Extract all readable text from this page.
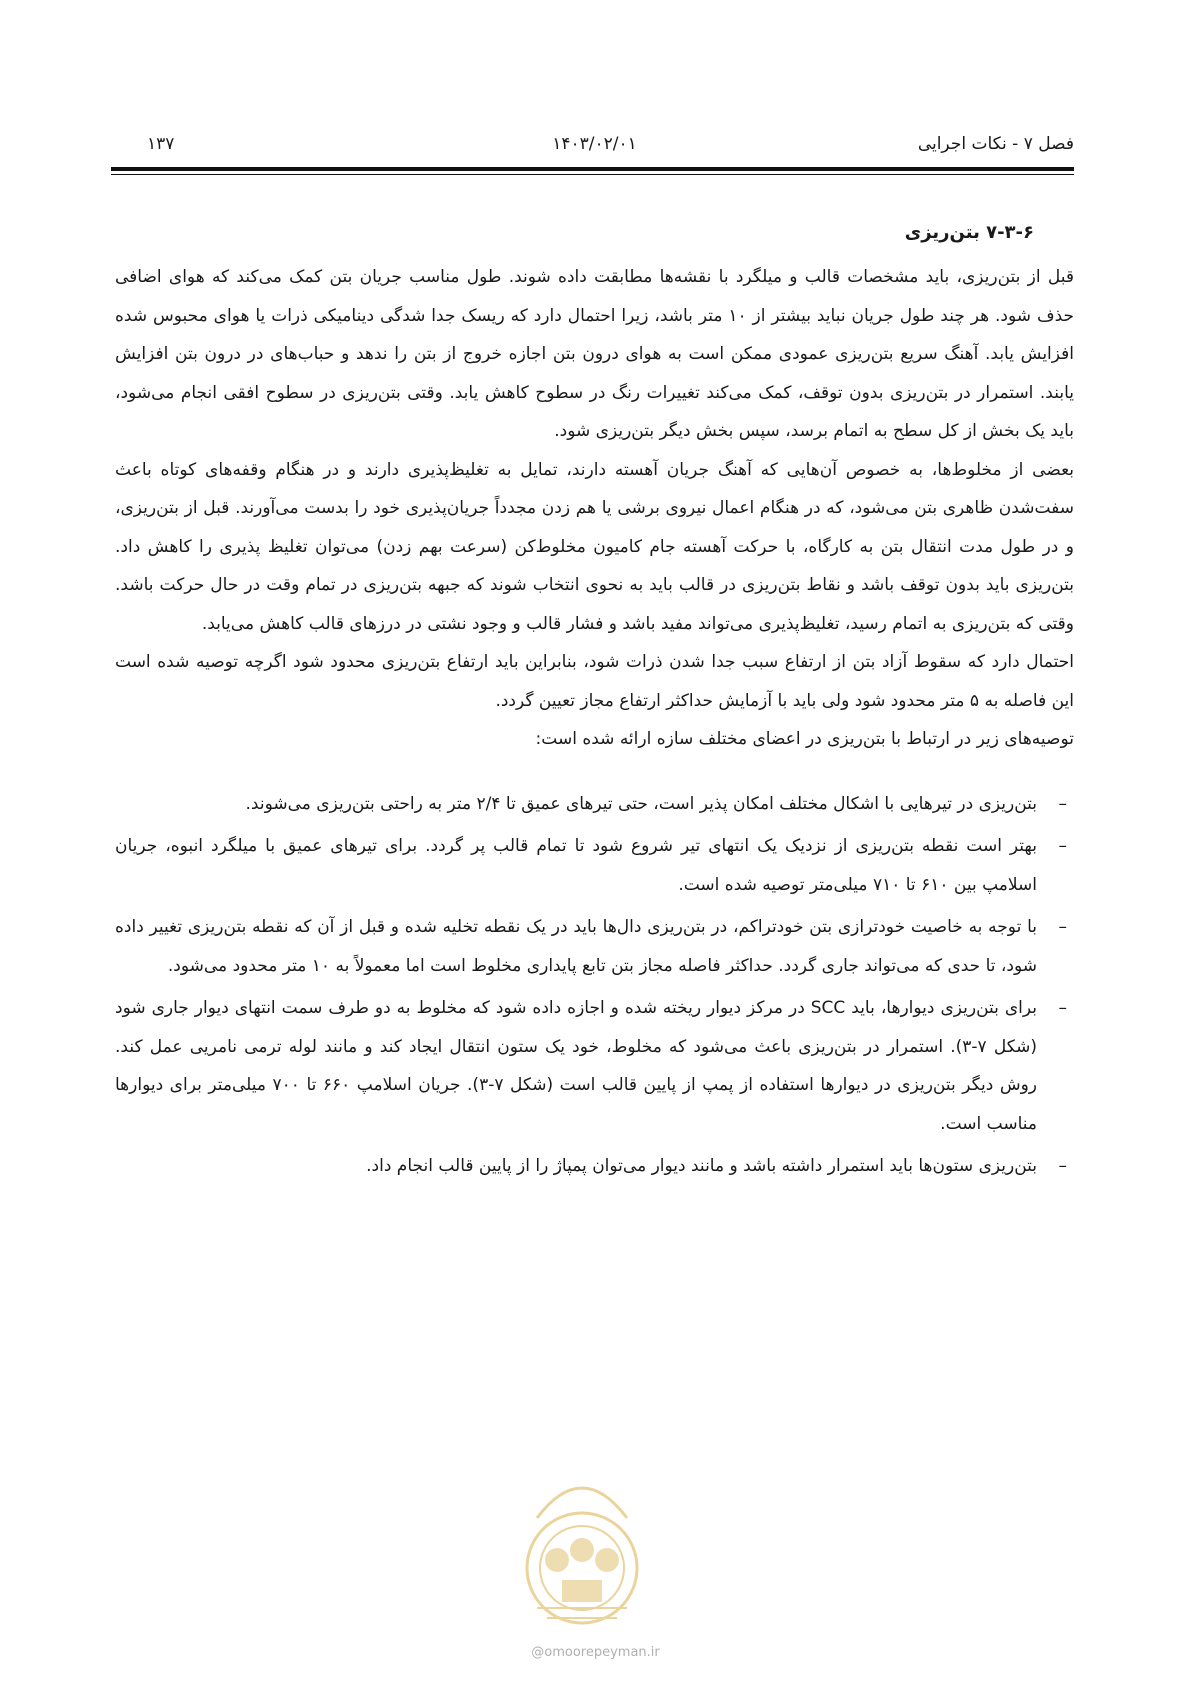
فصل ۷ - نکات اجرایی
۱۴۰۳/۰۲/۰۱
۱۳۷
۷-۳-۶ بتن‌ریزی

قبل از بتن‌ریزی، باید مشخصات قالب و میلگرد با نقشه‌ها مطابقت داده شوند. طول مناسب جریان بتن کمک می‌کند که هوای اضافی حذف شود. هر چند طول جریان نباید بیشتر از ۱۰ متر باشد، زیرا احتمال دارد که ریسک جدا شدگی دینامیکی ذرات یا هوای محبوس شده افزایش یابد. آهنگ سریع بتن‌ریزی عمودی ممکن است به هوای درون بتن اجازه خروج از بتن را ندهد و حباب‌های در درون بتن افزایش یابند. استمرار در بتن‌ریزی بدون توقف، کمک می‌کند تغییرات رنگ در سطوح کاهش یابد. وقتی بتن‌ریزی در سطوح افقی انجام می‌شود، باید یک بخش از کل سطح به اتمام برسد، سپس بخش دیگر بتن‌ریزی شود.

بعضی از مخلوط‌ها، به خصوص آن‌هایی که آهنگ جریان آهسته دارند، تمایل به تغلیظ‌پذیری دارند و در هنگام وقفه‌های کوتاه باعث سفت‌شدن ظاهری بتن می‌شود، که در هنگام اعمال نیروی برشی یا هم زدن مجدداً جریان‌پذیری خود را بدست می‌آورند. قبل از بتن‌ریزی، و در طول مدت انتقال بتن به کارگاه، با حرکت آهسته جام کامیون مخلوط‌کن (سرعت بهم زدن) می‌توان تغلیظ پذیری را کاهش داد. بتن‌ریزی باید بدون توقف باشد و نقاط بتن‌ریزی در قالب باید به نحوی انتخاب شوند که جبهه بتن‌ریزی در تمام وقت در حال حرکت باشد. وقتی که بتن‌ریزی به اتمام رسید، تغلیظ‌پذیری می‌تواند مفید باشد و فشار قالب و وجود نشتی در درزهای قالب کاهش می‌یابد.

احتمال دارد که سقوط آزاد بتن از ارتفاع سبب جدا شدن ذرات شود، بنابراین باید ارتفاع بتن‌ریزی محدود شود اگرچه توصیه شده است این فاصله به ۵ متر محدود شود ولی باید با آزمایش حداکثر ارتفاع مجاز تعیین گردد.

توصیه‌های زیر در ارتباط با بتن‌ریزی در اعضای مختلف سازه ارائه شده است:

–
بتن‌ریزی در تیرهایی با اشکال مختلف امکان پذیر است، حتی تیرهای عمیق تا ۲/۴ متر به راحتی بتن‌ریزی می‌شوند.
–
بهتر است نقطه بتن‌ریزی از نزدیک یک انتهای تیر شروع شود تا تمام قالب پر گردد. برای تیرهای عمیق با میلگرد انبوه، جریان اسلامپ بین ۶۱۰ تا ۷۱۰ میلی‌متر توصیه شده است.
–
با توجه به خاصیت خودترازی بتن خودتراکم، در بتن‌ریزی دال‌ها باید در یک نقطه تخلیه شده و قبل از آن که نقطه بتن‌ریزی تغییر داده شود، تا حدی که می‌تواند جاری گردد. حداکثر فاصله مجاز بتن تابع پایداری مخلوط است اما معمولاً به ۱۰ متر محدود می‌شود.
–
برای بتن‌ریزی دیوارها، باید SCC در مرکز دیوار ریخته شده و اجازه داده شود که مخلوط به دو طرف سمت انتهای دیوار جاری شود (شکل ۷-۳). استمرار در بتن‌ریزی باعث می‌شود که مخلوط، خود یک ستون انتقال ایجاد کند و مانند لوله ترمی نامریی عمل کند. روش دیگر بتن‌ریزی در دیوارها استفاده از پمپ از پایین قالب است (شکل ۷-۳). جریان اسلامپ ۶۶۰ تا ۷۰۰ میلی‌متر برای دیوارها مناسب است.
–
بتن‌ریزی ستون‌ها باید استمرار داشته باشد و مانند دیوار می‌توان پمپاژ را از پایین قالب انجام داد.
@omoorepeyman.ir
